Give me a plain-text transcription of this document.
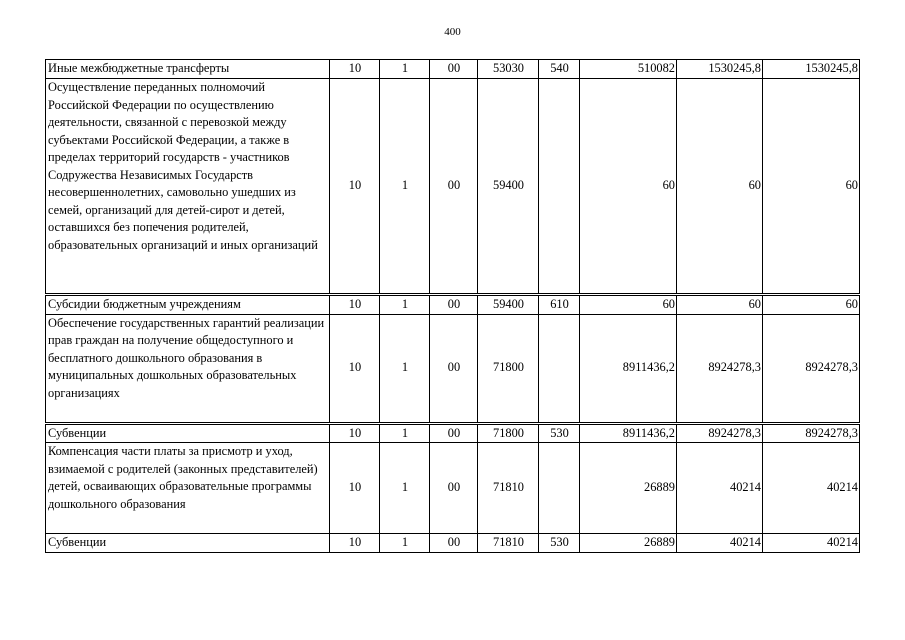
400
Иные межбюджетные трансферты	10	1	00	53030	540	510082	1530245,8	1530245,8
Осуществление переданных полномочий Российской Федерации по осуществлению деятельности, связанной с перевозкой между субъектами Российской Федерации, а также в пределах территорий государств - участников Содружества Независимых Государств несовершеннолетних, самовольно ушедших из семей, организаций для детей-сирот и детей, оставшихся без попечения родителей, образовательных организаций и иных организаций	10	1	00	59400		60	60	60
Субсидии бюджетным учреждениям	10	1	00	59400	610	60	60	60
Обеспечение государственных гарантий реализации прав граждан на получение общедоступного и бесплатного дошкольного образования в муниципальных дошкольных образовательных организациях	10	1	00	71800		8911436,2	8924278,3	8924278,3
Субвенции	10	1	00	71800	530	8911436,2	8924278,3	8924278,3
Компенсация части платы за присмотр и уход, взимаемой с родителей (законных представителей) детей, осваивающих образовательные программы дошкольного образования	10	1	00	71810		26889	40214	40214
Субвенции	10	1	00	71810	530	26889	40214	40214
